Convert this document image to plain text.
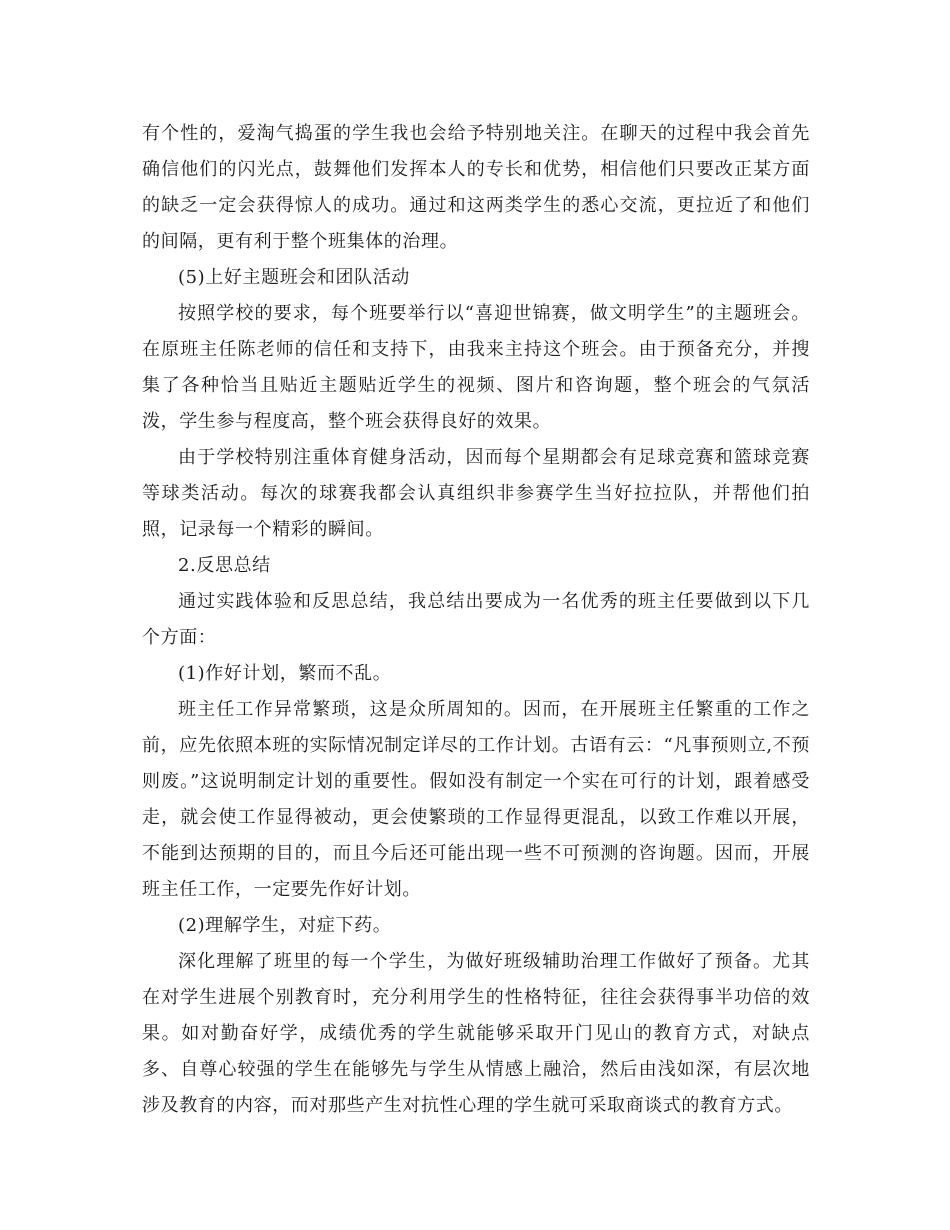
有个性的，爱淘气捣蛋的学生我也会给予特别地关注。在聊天的过程中我会首先确信他们的闪光点，鼓舞他们发挥本人的专长和优势，相信他们只要改正某方面的缺乏一定会获得惊人的成功。通过和这两类学生的悉心交流，更拉近了和他们的间隔，更有利于整个班集体的治理。

(5)上好主题班会和团队活动

按照学校的要求，每个班要举行以“喜迎世锦赛，做文明学生”的主题班会。在原班主任陈老师的信任和支持下，由我来主持这个班会。由于预备充分，并搜集了各种恰当且贴近主题贴近学生的视频、图片和咨询题，整个班会的气氛活泼，学生参与程度高，整个班会获得良好的效果。

由于学校特别注重体育健身活动，因而每个星期都会有足球竞赛和篮球竞赛等球类活动。每次的球赛我都会认真组织非参赛学生当好拉拉队，并帮他们拍照，记录每一个精彩的瞬间。

2.反思总结

通过实践体验和反思总结，我总结出要成为一名优秀的班主任要做到以下几个方面：

(1)作好计划，繁而不乱。

班主任工作异常繁琐，这是众所周知的。因而，在开展班主任繁重的工作之前，应先依照本班的实际情况制定详尽的工作计划。古语有云：“凡事预则立,不预则废。”这说明制定计划的重要性。假如没有制定一个实在可行的计划，跟着感受走，就会使工作显得被动，更会使繁琐的工作显得更混乱，以致工作难以开展，不能到达预期的目的，而且今后还可能出现一些不可预测的咨询题。因而，开展班主任工作，一定要先作好计划。

(2)理解学生，对症下药。

深化理解了班里的每一个学生，为做好班级辅助治理工作做好了预备。尤其在对学生进展个别教育时，充分利用学生的性格特征，往往会获得事半功倍的效果。如对勤奋好学，成绩优秀的学生就能够采取开门见山的教育方式，对缺点多、自尊心较强的学生在能够先与学生从情感上融洽，然后由浅如深，有层次地涉及教育的内容，而对那些产生对抗性心理的学生就可采取商谈式的教育方式。
